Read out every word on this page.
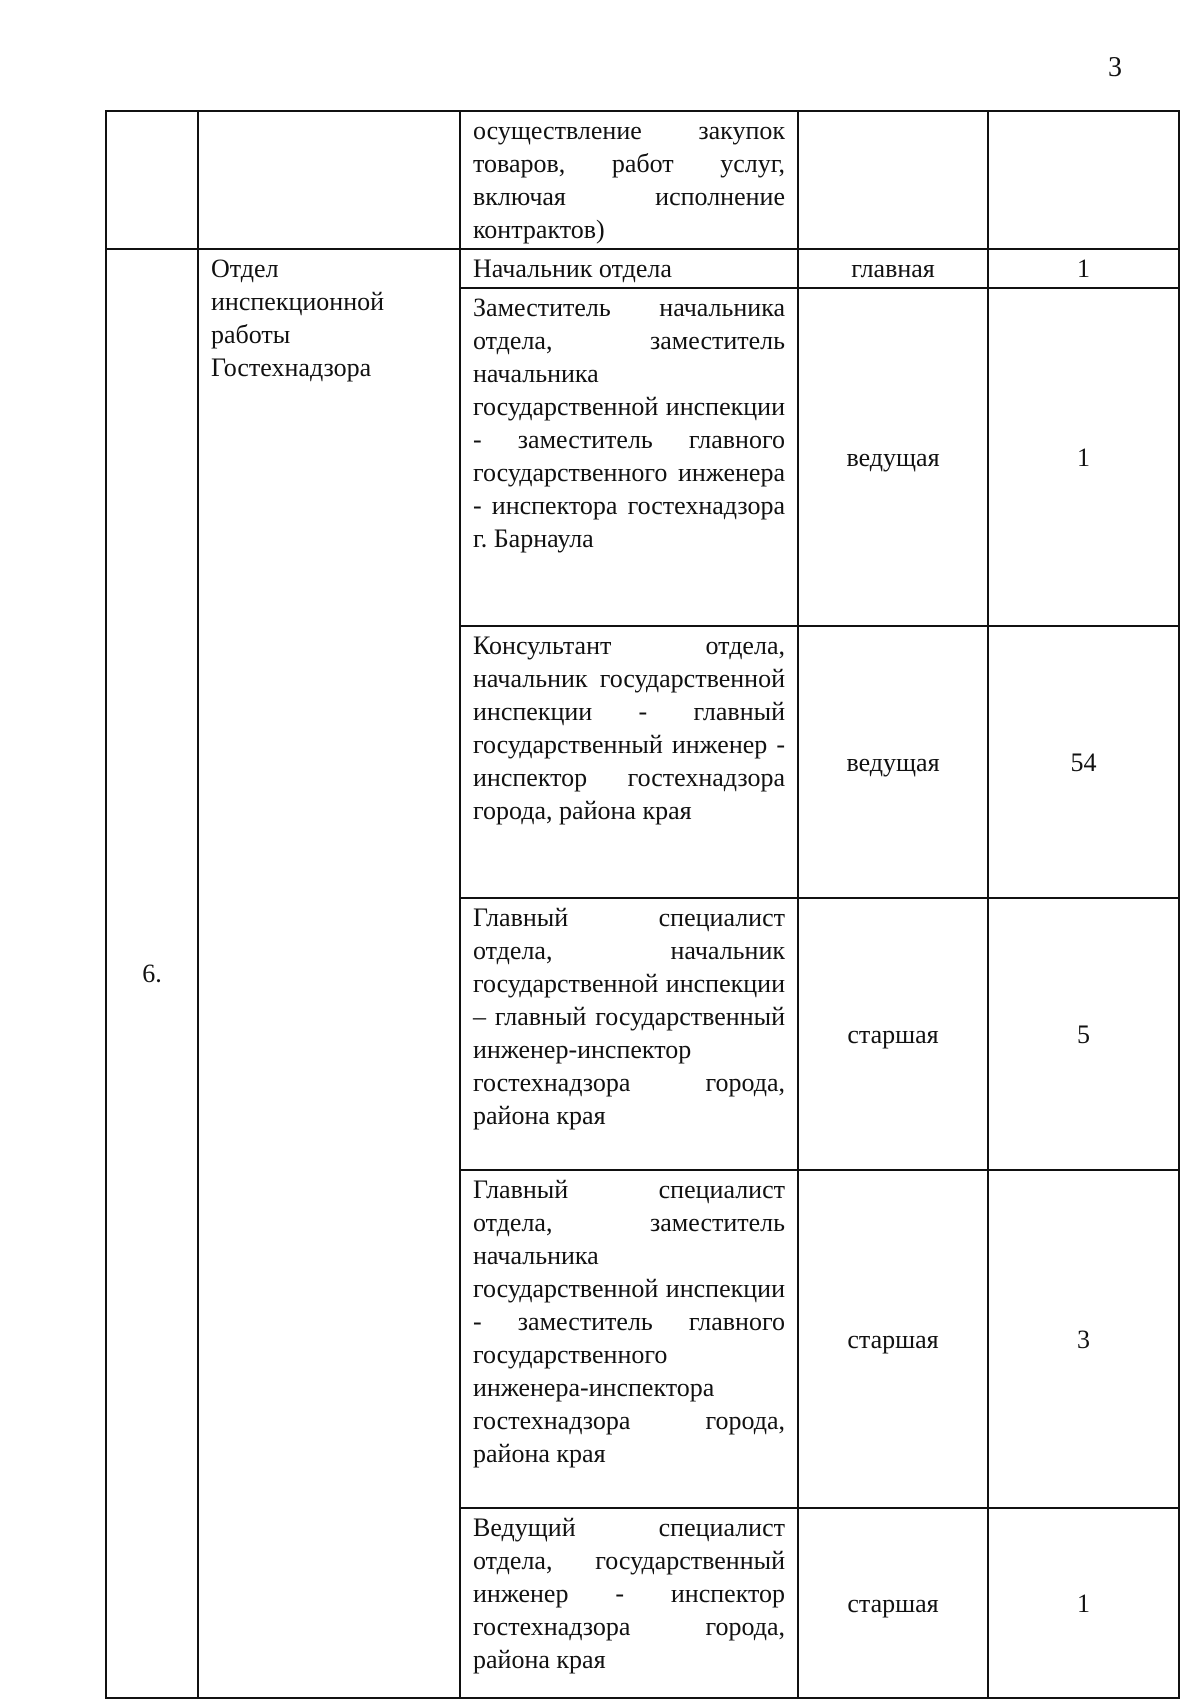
3
		осуществление закупок товаров, работ услуг, включая исполнение контрактов)		
6.	Отдел инспекционной работы Гостехнадзора	Начальник отдела	главная	1
		Заместитель начальника отдела, заместитель начальника государственной инспекции - заместитель главного государственного инженера - инспектора гостехнадзора г. Барнаула	ведущая	1
		Консультант отдела, начальник государственной инспекции - главный государственный инженер - инспектор гостехнадзора города, района края	ведущая	54
		Главный специалист отдела, начальник государственной инспекции – главный государственный инженер-инспектор гостехнадзора города, района края	старшая	5
		Главный специалист отдела, заместитель начальника государственной инспекции - заместитель главного государственного инженера-инспектора гостехнадзора города, района края	старшая	3
		Ведущий специалист отдела, государственный инженер - инспектор гостехнадзора города, района края	старшая	1
